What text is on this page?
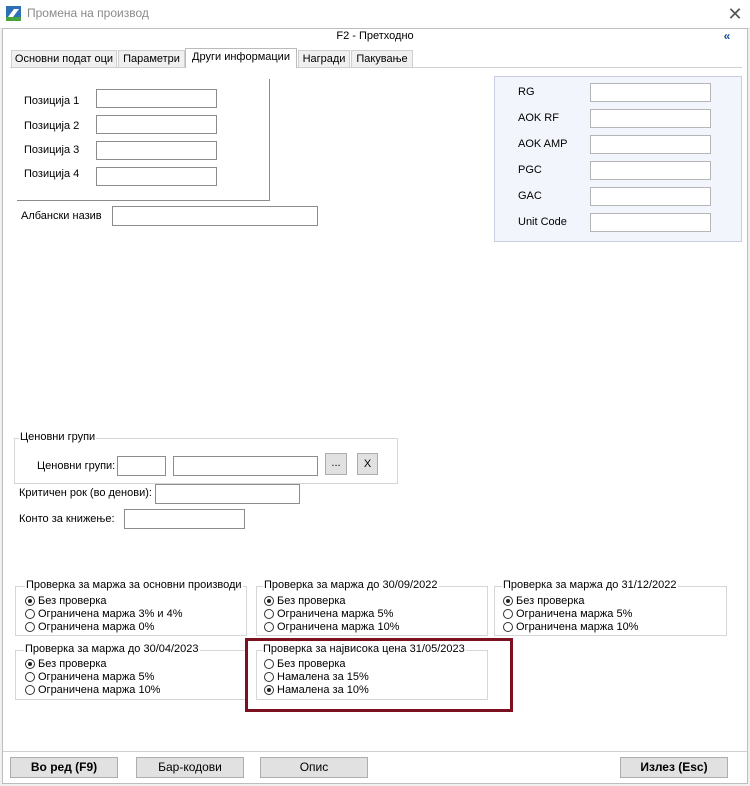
Промена на производ	✕
F2 - Претходно	«
Основни подат оци Параметри	Други информации	Награди Пакување
Позиција 1
Позиција 2
Позиција 3
Позиција 4
Албански назив
RG
AOK RF
AOK AMP
PGC
GAC
Unit Code
Ценовни групи
Ценовни групи:	...	X
Критичен рок (во денови):
Конто за книжење:
Проверка за маржа за основни производи
Без проверка
Ограничена маржа 3% и 4%
Ограничена маржа 0%
Проверка за маржа до 30/09/2022
Без проверка
Ограничена маржа 5%
Ограничена маржа 10%
Проверка за маржа до 31/12/2022
Без проверка
Ограничена маржа 5%
Ограничена маржа 10%
Проверка за маржа до 30/04/2023
Без проверка
Ограничена маржа 5%
Ограничена маржа 10%
Проверка за највисока цена 31/05/2023
Без проверка
Намалена за 15%
Намалена за 10%
Во ред (F9)	Бар-кодови	Опис	Излез (Esc)
